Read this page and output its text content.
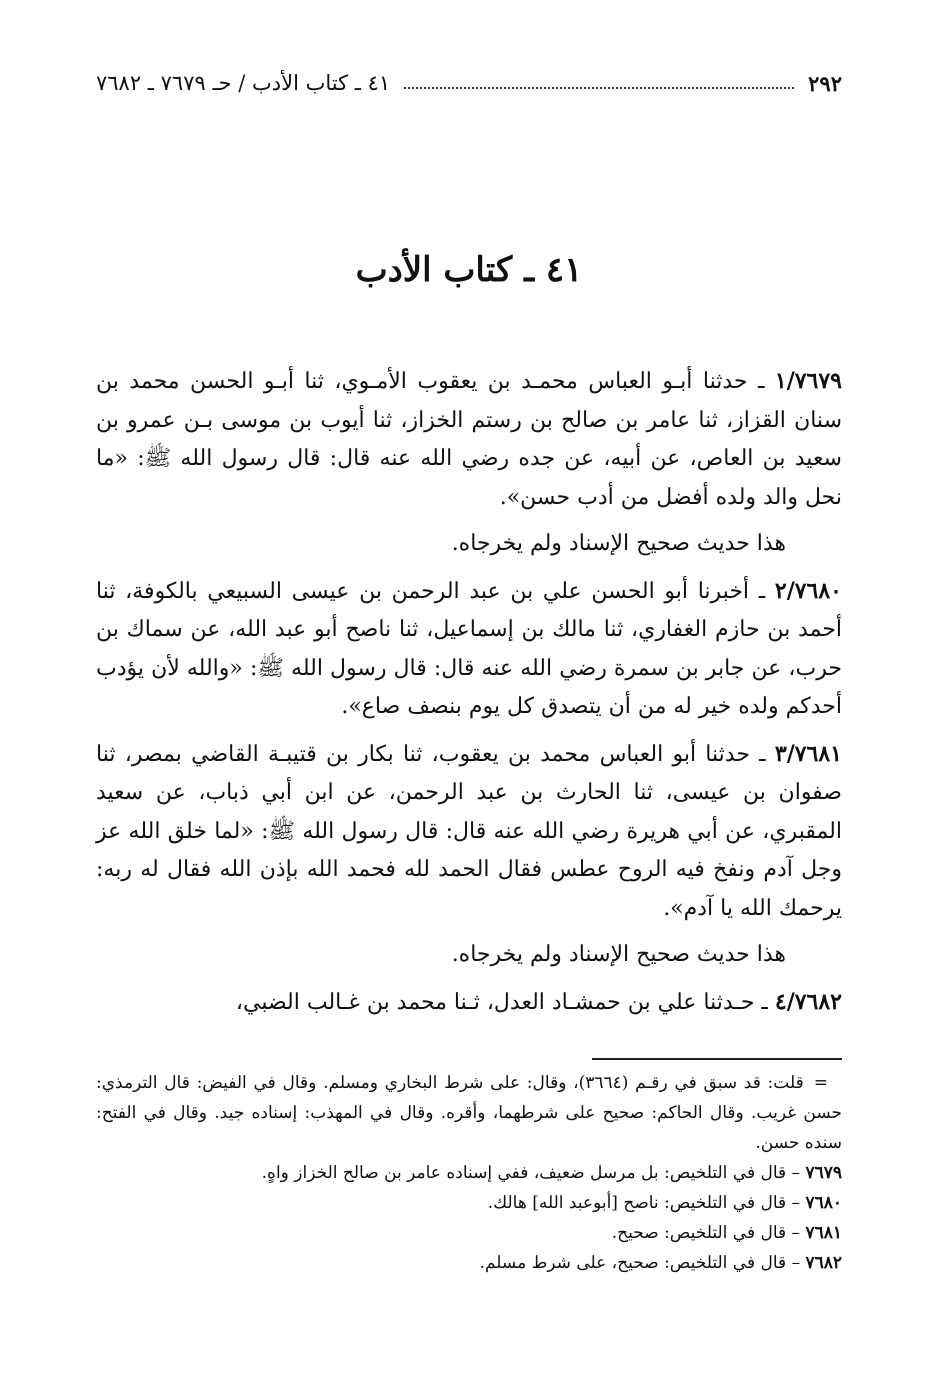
٢٩٢
٤١ ـ كتاب الأدب / حـ ٧٦٧٩ ـ ٧٦٨٢
٤١ ـ كتاب الأدب

١/٧٦٧٩ ـ حدثنا أبـو العباس محمـد بن يعقوب الأمـوي، ثنا أبـو الحسن محمد بن سنان القزاز، ثنا عامر بن صالح بن رستم الخزاز، ثنا أيوب بن موسى بـن عمرو بن سعيد بن العاص، عن أبيه، عن جده رضي الله عنه قال: قال رسول الله ﷺ: «ما نحل والد ولده أفضل من أدب حسن».

هذا حديث صحيح الإسناد ولم يخرجاه.

٢/٧٦٨٠ ـ أخبرنا أبو الحسن علي بن عبد الرحمن بن عيسى السبيعي بالكوفة، ثنا أحمد بن حازم الغفاري، ثنا مالك بن إسماعيل، ثنا ناصح أبو عبد الله، عن سماك بن حرب، عن جابر بن سمرة رضي الله عنه قال: قال رسول الله ﷺ: «والله لأن يؤدب أحدكم ولده خير له من أن يتصدق كل يوم بنصف صاع».

٣/٧٦٨١ ـ حدثنا أبو العباس محمد بن يعقوب، ثنا بكار بن قتيبـة القاضي بمصر، ثنا صفوان بن عيسى، ثنا الحارث بن عبد الرحمن، عن ابن أبي ذباب، عن سعيد المقبري، عن أبي هريرة رضي الله عنه قال: قال رسول الله ﷺ: «لما خلق الله عز وجل آدم ونفخ فيه الروح عطس فقال الحمد لله فحمد الله بإذن الله فقال له ربه: يرحمك الله يا آدم».

هذا حديث صحيح الإسناد ولم يخرجاه.

٤/٧٦٨٢ ـ حـدثنا علي بن حمشـاد العدل، ثـنا محمد بن غـالب الضبي،

=قلت: قد سبق في رقـم (٣٦٦٤)، وقال: على شرط البخاري ومسلم. وقال في الفيض: قال الترمذي: حسن غريب. وقال الحاكم: صحيح على شرطهما، وأقره. وقال في المهذب: إسناده جيد. وقال في الفتح: سنده حسن.

٧٦٧٩ – قال في التلخيص: بل مرسل ضعيف، ففي إسناده عامر بن صالح الخزاز واهٍ.

٧٦٨٠ – قال في التلخيص: ناصح [أبوعبد الله] هالك.

٧٦٨١ – قال في التلخيص: صحيح.

٧٦٨٢ – قال في التلخيص: صحيح، على شرط مسلم.
